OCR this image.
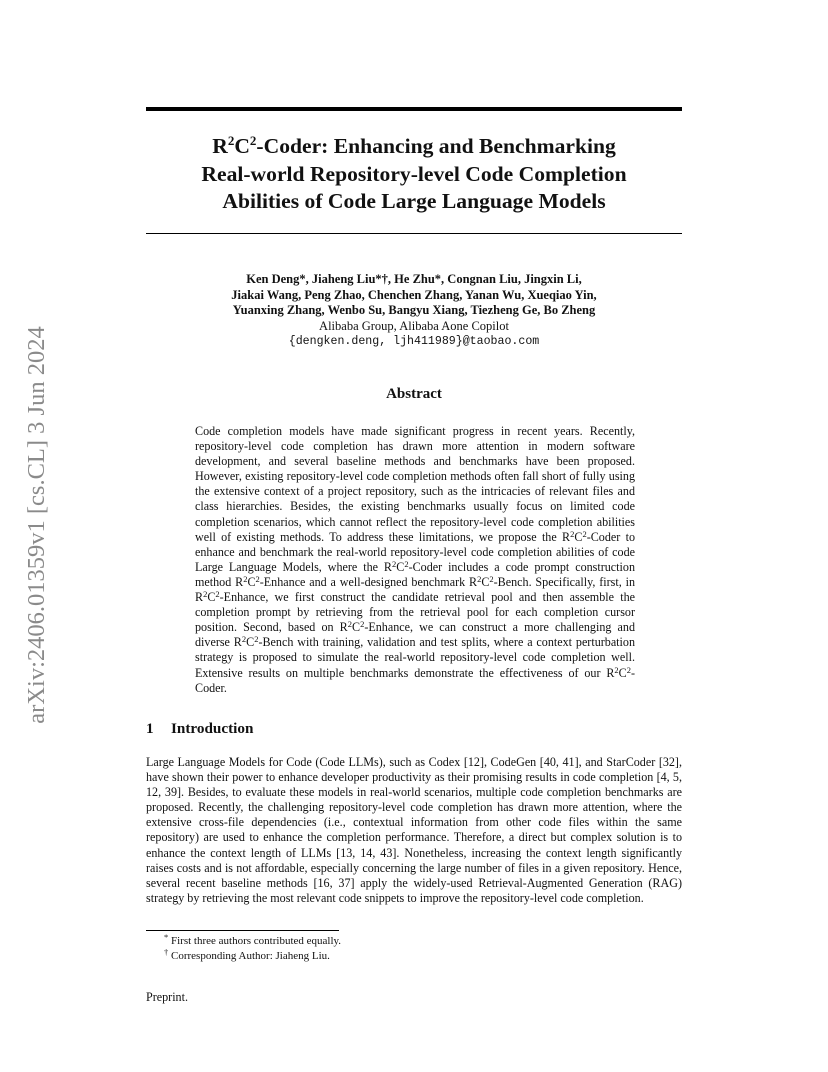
arXiv:2406.01359v1 [cs.CL] 3 Jun 2024
$R^2C^2$-Coder: Enhancing and Benchmarking
Real-world Repository-level Code Completion
Abilities of Code Large Language Models
Ken Deng*, Jiaheng Liu*†, He Zhu*, Congnan Liu, Jingxin Li,
Jiakai Wang, Peng Zhao, Chenchen Zhang, Yanan Wu, Xueqiao Yin,
Yuanxing Zhang, Wenbo Su, Bangyu Xiang, Tiezheng Ge, Bo Zheng
Alibaba Group, Alibaba Aone Copilot
{dengken.deng, ljh411989}@taobao.com
Abstract
Code completion models have made significant progress in recent years. Recently, repository-level code completion has drawn more attention in modern software development, and several baseline methods and benchmarks have been proposed. However, existing repository-level code completion methods often fall short of fully using the extensive context of a project repository, such as the intricacies of relevant files and class hierarchies. Besides, the existing benchmarks usually focus on limited code completion scenarios, which cannot reflect the repository-level code completion abilities well of existing methods. To address these limitations, we propose the $R^2C^2$-Coder to enhance and benchmark the real-world repository-level code completion abilities of code Large Language Models, where the $R^2C^2$-Coder includes a code prompt construction method $R^2C^2$-Enhance and a well-designed benchmark $R^2C^2$-Bench. Specifically, first, in $R^2C^2$-Enhance, we first construct the candidate retrieval pool and then assemble the completion prompt by retrieving from the retrieval pool for each completion cursor position. Second, based on $R^2C^2$-Enhance, we can construct a more challenging and diverse $R^2C^2$-Bench with training, validation and test splits, where a context perturbation strategy is proposed to simulate the real-world repository-level code completion well. Extensive results on multiple benchmarks demonstrate the effectiveness of our $R^2C^2$-Coder.
1 Introduction
Large Language Models for Code (Code LLMs), such as Codex [12], CodeGen [40, 41], and StarCoder [32], have shown their power to enhance developer productivity as their promising results in code completion [4, 5, 12, 39]. Besides, to evaluate these models in real-world scenarios, multiple code completion benchmarks are proposed. Recently, the challenging repository-level code completion has drawn more attention, where the extensive cross-file dependencies (i.e., contextual information from other code files within the same repository) are used to enhance the completion performance. Therefore, a direct but complex solution is to enhance the context length of LLMs [13, 14, 43]. Nonetheless, increasing the context length significantly raises costs and is not affordable, especially concerning the large number of files in a given repository. Hence, several recent baseline methods [16, 37] apply the widely-used Retrieval-Augmented Generation (RAG) strategy by retrieving the most relevant code snippets to improve the repository-level code completion.
* First three authors contributed equally.
† Corresponding Author: Jiaheng Liu.
Preprint.
